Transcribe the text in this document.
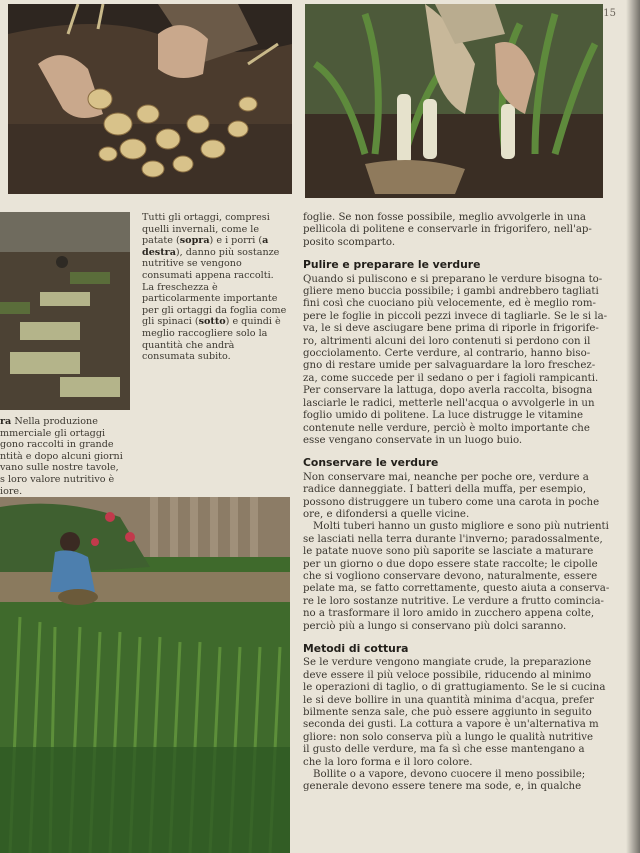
15
Tutti gli ortaggi, compresi
quelli invernali, come le
patate (sopra) e i porri (a
destra), danno più sostanze
nutritive se vengono
consumati appena raccolti.
La freschezza è
particolarmente importante
per gli ortaggi da foglia come
gli spinaci (sotto) e quindi è
meglio raccogliere solo la
quantità che andrà
consumata subito.
ra Nella produzione
mmerciale gli ortaggi
gono raccolti in grande
ntità e dopo alcuni giorni
vano sulle nostre tavole,
s loro valore nutritivo è
iore.

foglie. Se non fosse possibile, meglio avvolgerle in una

pellicola di politene e conservarle in frigorifero, nell'ap-

posito scomparto.

Pulire e preparare le verdure

Quando si puliscono e si preparano le verdure bisogna to-

gliere meno buccia possibile; i gambi andrebbero tagliati

fini così che cuociano più velocemente, ed è meglio rom-

pere le foglie in piccoli pezzi invece di tagliarle. Se le si la-

va, le si deve asciugare bene prima di riporle in frigorife-

ro, altrimenti alcuni dei loro contenuti si perdono con il

gocciolamento. Certe verdure, al contrario, hanno biso-

gno di restare umide per salvaguardare la loro freschez-

za, come succede per il sedano o per i fagioli rampicanti.

Per conservare la lattuga, dopo averla raccolta, bisogna

lasciarle le radici, metterle nell'acqua o avvolgerle in un

foglio umido di politene. La luce distrugge le vitamine

contenute nelle verdure, perciò è molto importante che

esse vengano conservate in un luogo buio.

Conservare le verdure

Non conservare mai, neanche per poche ore, verdure a

radice danneggiate. I batteri della muffa, per esempio,

possono distruggere un tubero come una carota in poche

ore, e difondersi a quelle vicine.

Molti tuberi hanno un gusto migliore e sono più nutrienti

se lasciati nella terra durante l'inverno; paradossalmente,

le patate nuove sono più saporite se lasciate a maturare

per un giorno o due dopo essere state raccolte; le cipolle

che si vogliono conservare devono, naturalmente, essere

pelate ma, se fatto correttamente, questo aiuta a conserva-

re le loro sostanze nutritive. Le verdure a frutto comincia-

no a trasformare il loro amido in zucchero appena colte,

perciò più a lungo si conservano più dolci saranno.

Metodi di cottura

Se le verdure vengono mangiate crude, la preparazione

deve essere il più veloce possibile, riducendo al minimo

le operazioni di taglio, o di grattugiamento. Se le si cucina

le si deve bollire in una quantità minima d'acqua, prefer

bilmente senza sale, che può essere aggiunto in seguito

seconda dei gusti. La cottura a vapore è un'alternativa m

gliore: non solo conserva più a lungo le qualità nutritive

il gusto delle verdure, ma fa sì che esse mantengano a

che la loro forma e il loro colore.

Bollite o a vapore, devono cuocere il meno possibile;

generale devono essere tenere ma sode, e, in qualche
